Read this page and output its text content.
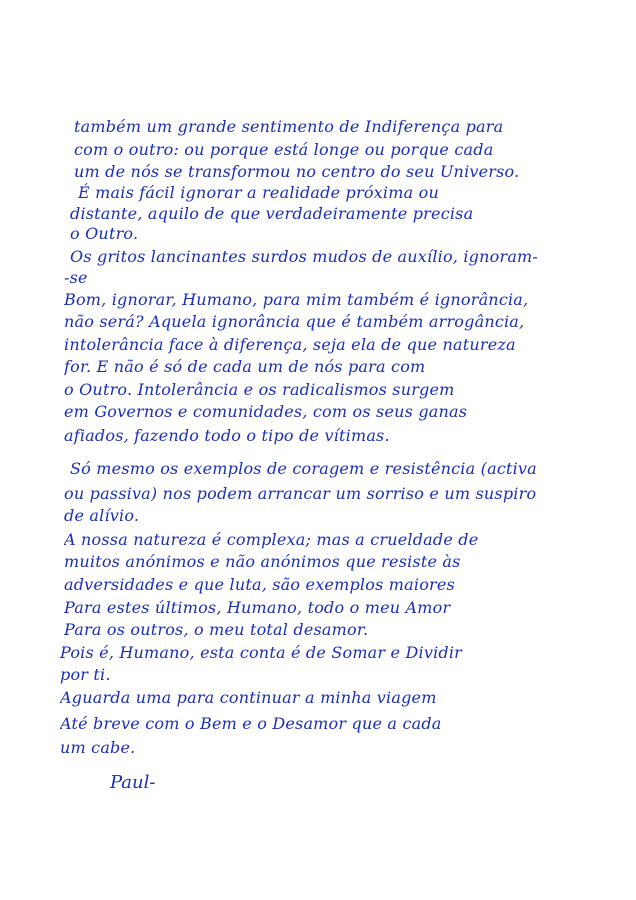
também um grande sentimento de Indiferença para
com o outro: ou porque está longe ou porque cada
um de nós se transformou no centro do seu Universo.
É mais fácil ignorar a realidade próxima ou
distante, aquilo de que verdadeiramente precisa
o Outro.
Os gritos lancinantes surdos mudos de auxílio, ignoram-
-se
Bom, ignorar, Humano, para mim também é ignorância,
não será? Aquela ignorância que é também arrogância,
intolerância face à diferença, seja ela de que natureza
for. E não é só de cada um de nós para com
o Outro. Intolerância e os radicalismos surgem
em Governos e comunidades, com os seus ganas
afiados, fazendo todo o tipo de vítimas.
Só mesmo os exemplos de coragem e resistência (activa
ou passiva) nos podem arrancar um sorriso e um suspiro
de alívio.
A nossa natureza é complexa; mas a crueldade de
muitos anónimos e não anónimos que resiste às
adversidades e que luta, são exemplos maiores
Para estes últimos, Humano, todo o meu Amor
Para os outros, o meu total desamor.
Pois é, Humano, esta conta é de Somar e Dividir
por ti.
Aguarda uma para continuar a minha viagem
Até breve com o Bem e o Desamor que a cada
um cabe.
Paul-
